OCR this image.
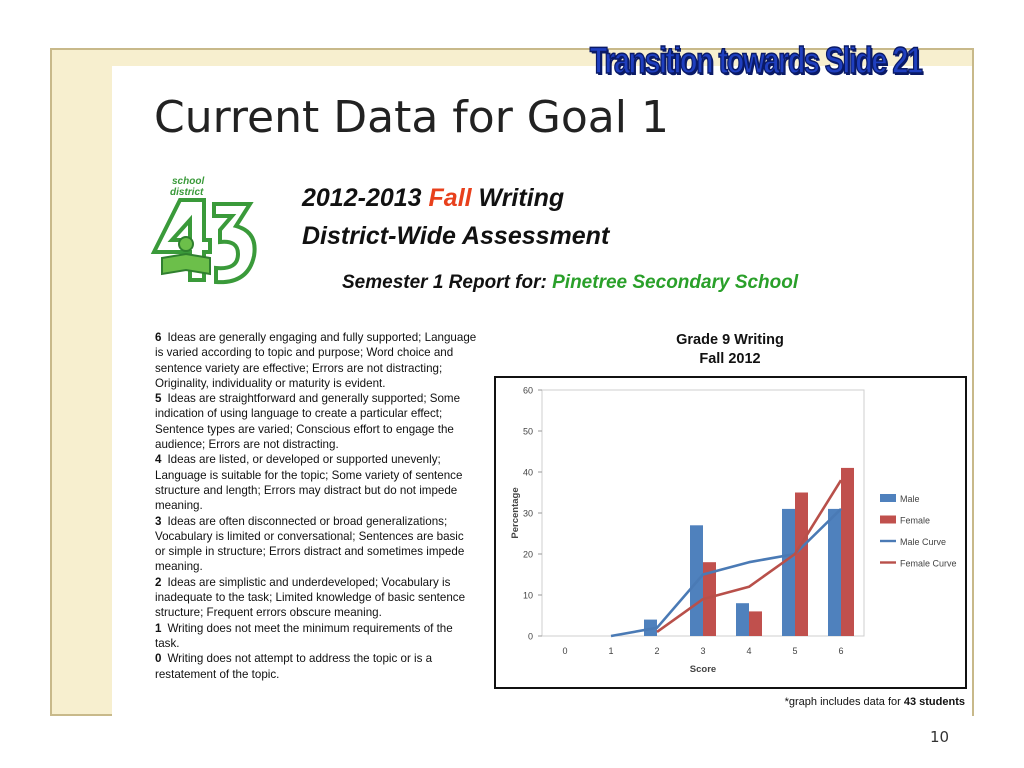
Transition towards Slide 21
Current Data for Goal 1
school
district	2012-2013 Fall Writing
District-Wide Assessment
Semester 1 Report for: Pinetree Secondary School
6 Ideas are generally engaging and fully supported; Language is varied according to topic and purpose; Word choice and sentence variety are effective; Errors are not distracting; Originality, individuality or maturity is evident.
5 Ideas are straightforward and generally supported; Some indication of using language to create a particular effect; Sentence types are varied; Conscious effort to engage the audience; Errors are not distracting.
4 Ideas are listed, or developed or supported unevenly; Language is suitable for the topic; Some variety of sentence structure and length; Errors may distract but do not impede meaning.
3 Ideas are often disconnected or broad generalizations; Vocabulary is limited or conversational; Sentences are basic or simple in structure; Errors distract and sometimes impede meaning.
2 Ideas are simplistic and underdeveloped; Vocabulary is inadequate to the task; Limited knowledge of basic sentence structure; Frequent errors obscure meaning.
1 Writing does not meet the minimum requirements of the task.
0 Writing does not attempt to address the topic or is a restatement of the topic.
Grade 9 Writing
Fall 2012
0
10
20
30
40
50
60
0	1	2	3	4	5	6
Score
Percentage	Male
Female
Male Curve
Female Curve
*graph includes data for 43 students
10
